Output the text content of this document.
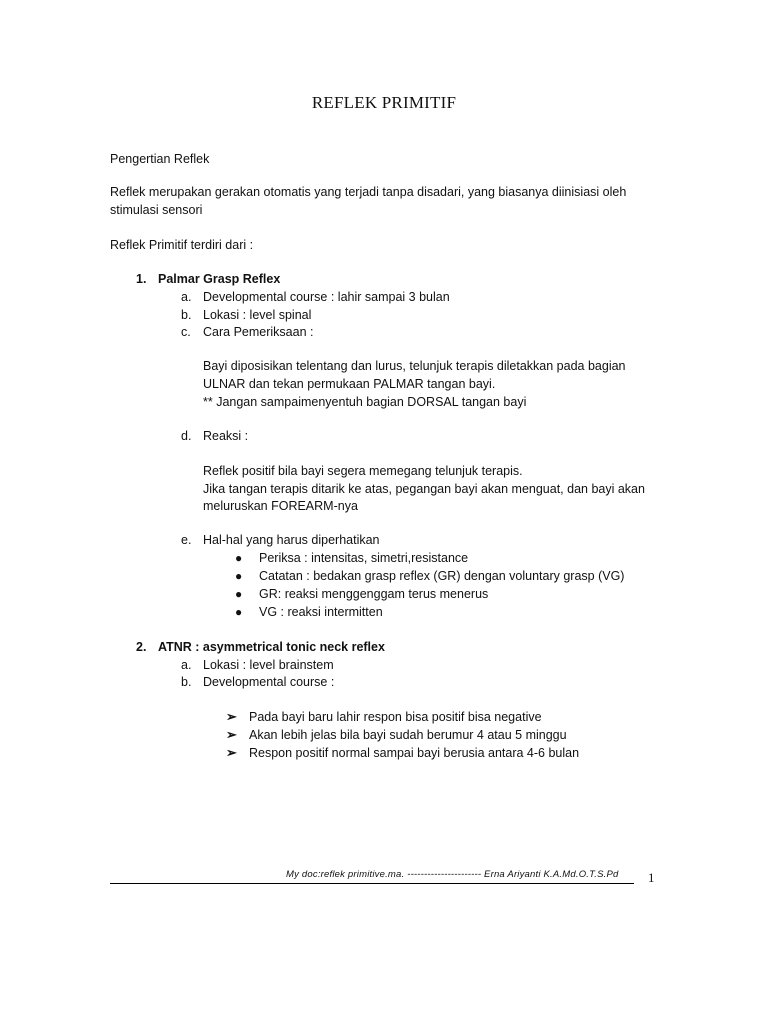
REFLEK PRIMITIF
Pengertian Reflek
Reflek merupakan gerakan otomatis yang terjadi tanpa disadari, yang biasanya diinisiasi oleh
stimulasi sensori
Reflek Primitif terdiri dari :
1. Palmar Grasp Reflex
a. Developmental course : lahir sampai 3 bulan
b. Lokasi : level spinal
c. Cara Pemeriksaan :
Bayi diposisikan telentang dan lurus, telunjuk terapis diletakkan pada bagian
ULNAR dan tekan permukaan PALMAR tangan bayi.
** Jangan sampaimenyentuh bagian DORSAL tangan bayi
d. Reaksi :
Reflek positif bila bayi segera memegang telunjuk terapis.
Jika tangan terapis ditarik ke atas, pegangan bayi akan menguat, dan bayi akan
meluruskan FOREARM-nya
e. Hal-hal yang harus diperhatikan
● Periksa : intensitas, simetri,resistance
● Catatan : bedakan grasp reflex (GR) dengan voluntary grasp (VG)
● GR: reaksi menggenggam terus menerus
● VG : reaksi intermitten
2. ATNR : asymmetrical tonic neck reflex
a. Lokasi : level brainstem
b. Developmental course :
➢ Pada bayi baru lahir respon bisa positif bisa negative
➢ Akan lebih jelas bila bayi sudah berumur 4 atau 5 minggu
➢ Respon positif normal sampai bayi berusia antara 4-6 bulan
My doc:reflek primitive.ma. ---------------------- Erna Ariyanti K.A.Md.O.T.S.Pd 1
